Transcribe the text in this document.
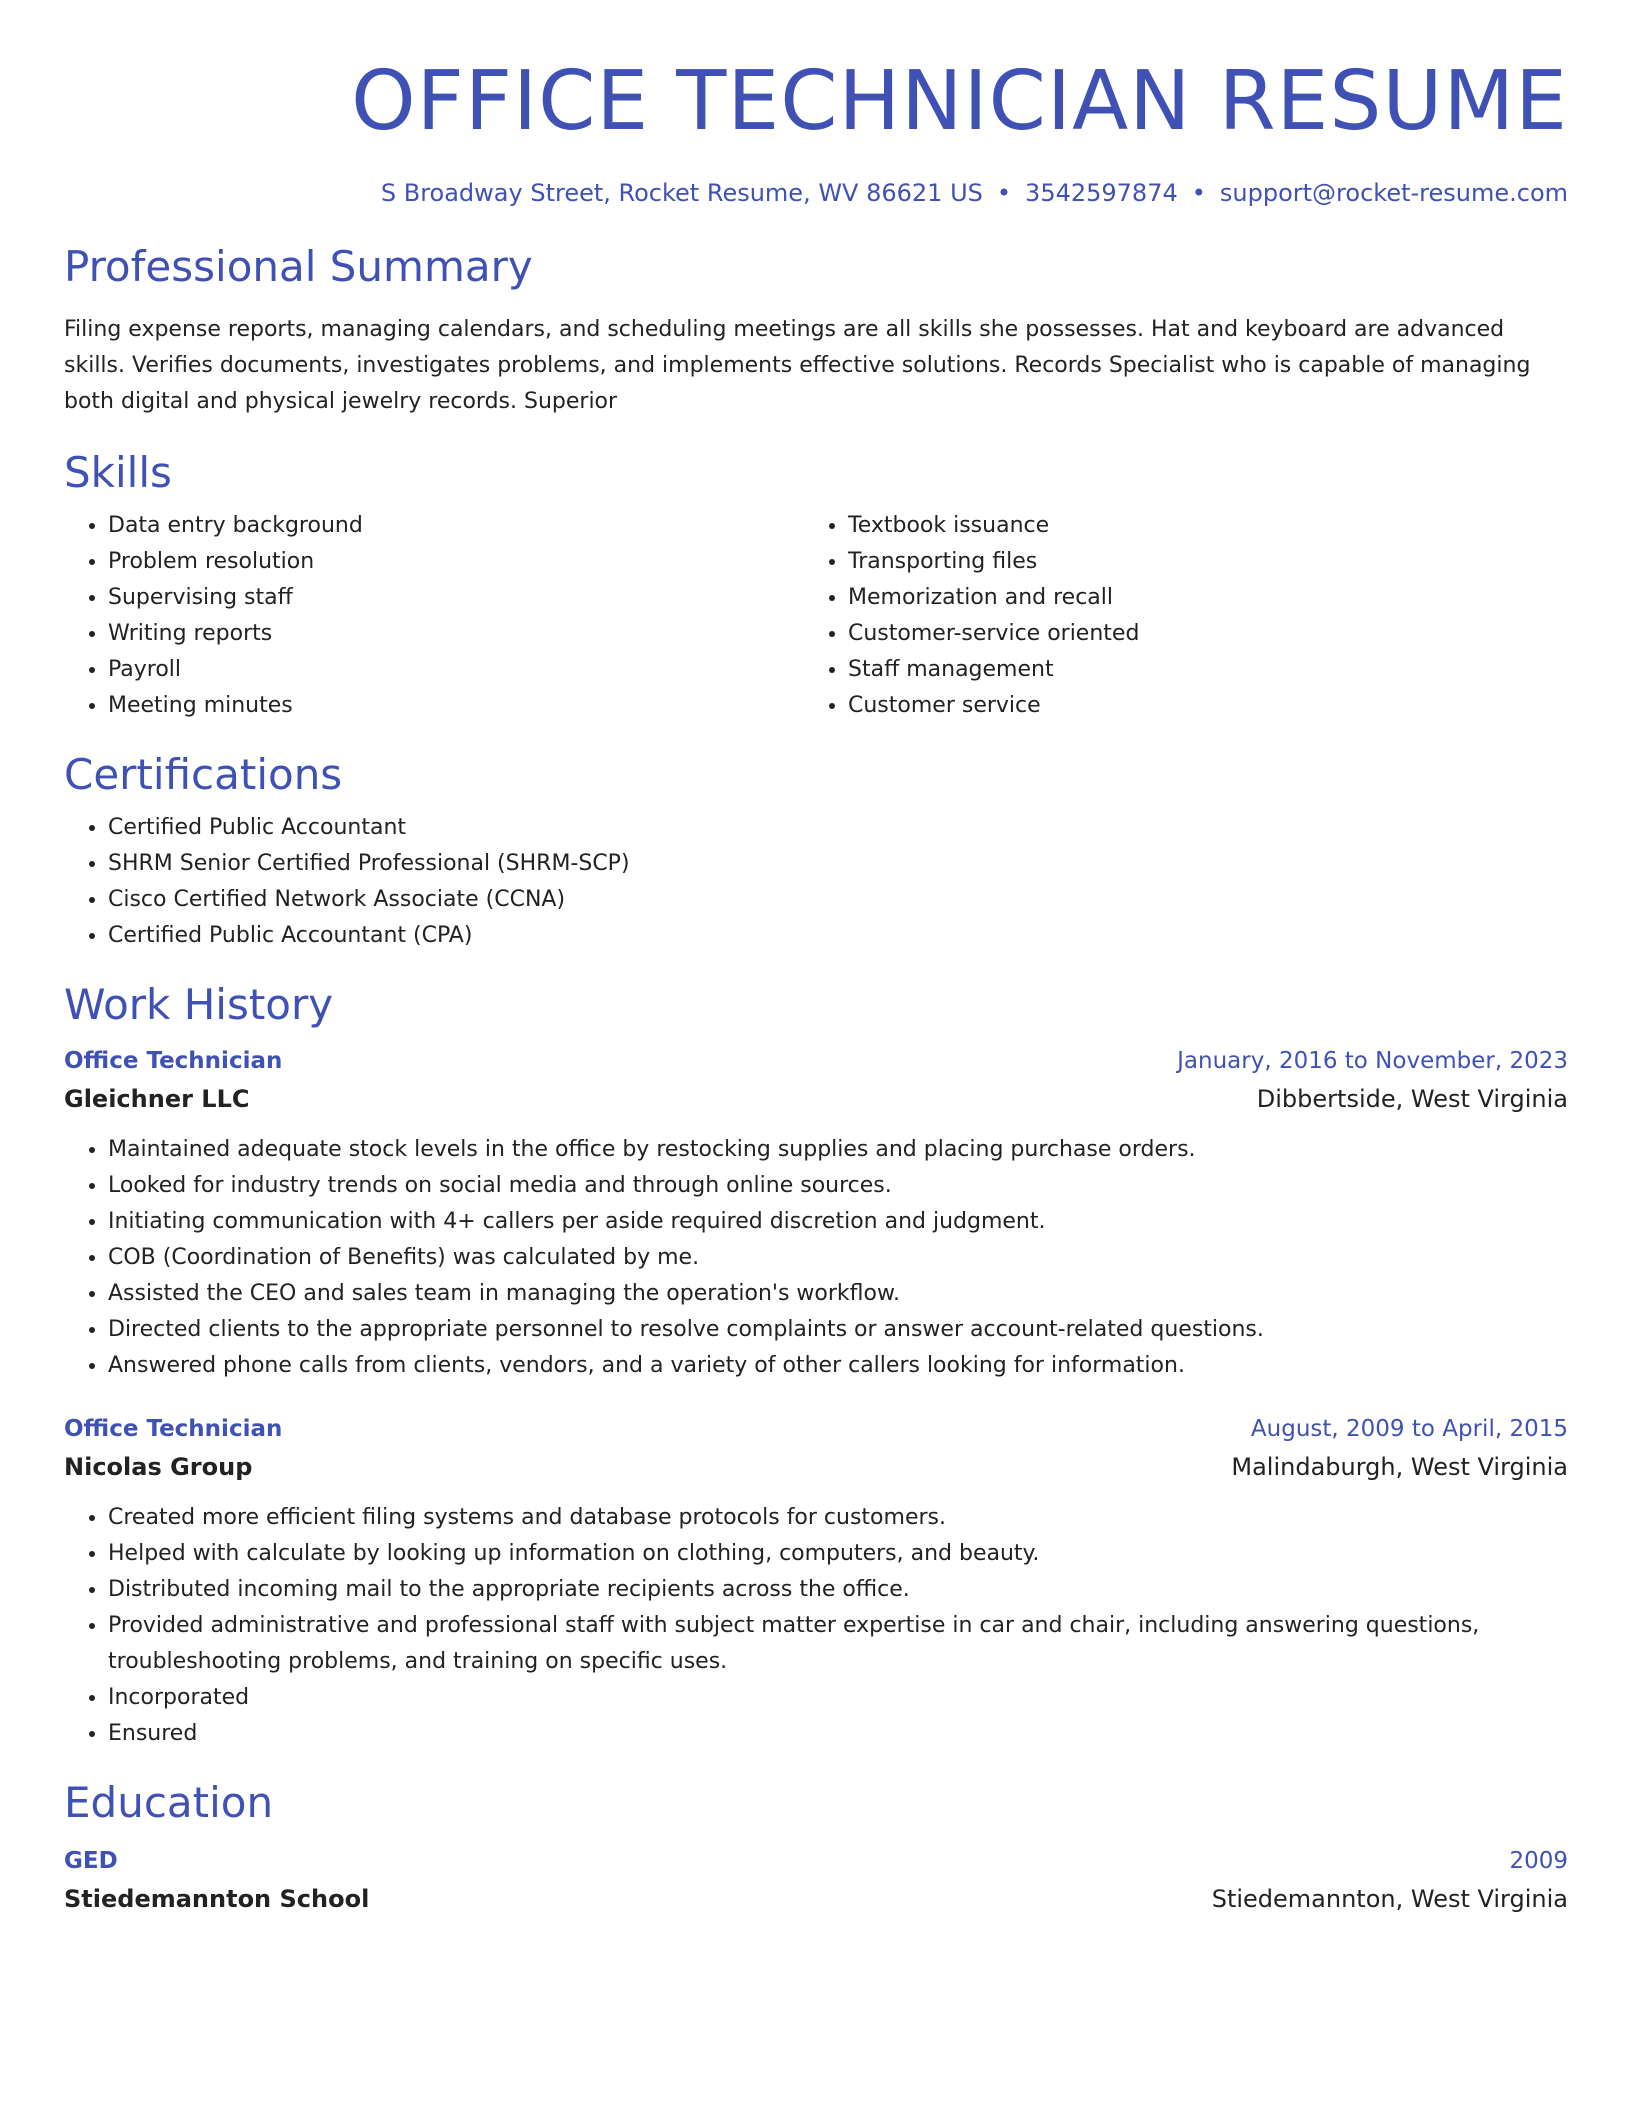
OFFICE TECHNICIAN RESUME
S Broadway Street, Rocket Resume, WV 86621 US • 3542597874 • support@rocket-resume.com
Professional Summary

Filing expense reports, managing calendars, and scheduling meetings are all skills she possesses. Hat and keyboard are advanced skills. Verifies documents, investigates problems, and implements effective solutions. Records Specialist who is capable of managing both digital and physical jewelry records. Superior

Skills
• Data entry background
• Problem resolution
• Supervising staff
• Writing reports
• Payroll
• Meeting minutes
• Textbook issuance
• Transporting files
• Memorization and recall
• Customer-service oriented
• Staff management
• Customer service
Certifications
• Certified Public Accountant
• SHRM Senior Certified Professional (SHRM-SCP)
• Cisco Certified Network Associate (CCNA)
• Certified Public Accountant (CPA)
Work History
Office Technician	January, 2016 to November, 2023
Gleichner LLC	Dibbertside, West Virginia
• Maintained adequate stock levels in the office by restocking supplies and placing purchase orders.
• Looked for industry trends on social media and through online sources.
• Initiating communication with 4+ callers per aside required discretion and judgment.
• COB (Coordination of Benefits) was calculated by me.
• Assisted the CEO and sales team in managing the operation's workflow.
• Directed clients to the appropriate personnel to resolve complaints or answer account-related questions.
• Answered phone calls from clients, vendors, and a variety of other callers looking for information.
Office Technician	August, 2009 to April, 2015
Nicolas Group	Malindaburgh, West Virginia
• Created more efficient filing systems and database protocols for customers.
• Helped with calculate by looking up information on clothing, computers, and beauty.
• Distributed incoming mail to the appropriate recipients across the office.
• Provided administrative and professional staff with subject matter expertise in car and chair, including answering questions, troubleshooting problems, and training on specific uses.
• Incorporated
• Ensured
Education
GED	2009
Stiedemannton School	Stiedemannton, West Virginia
